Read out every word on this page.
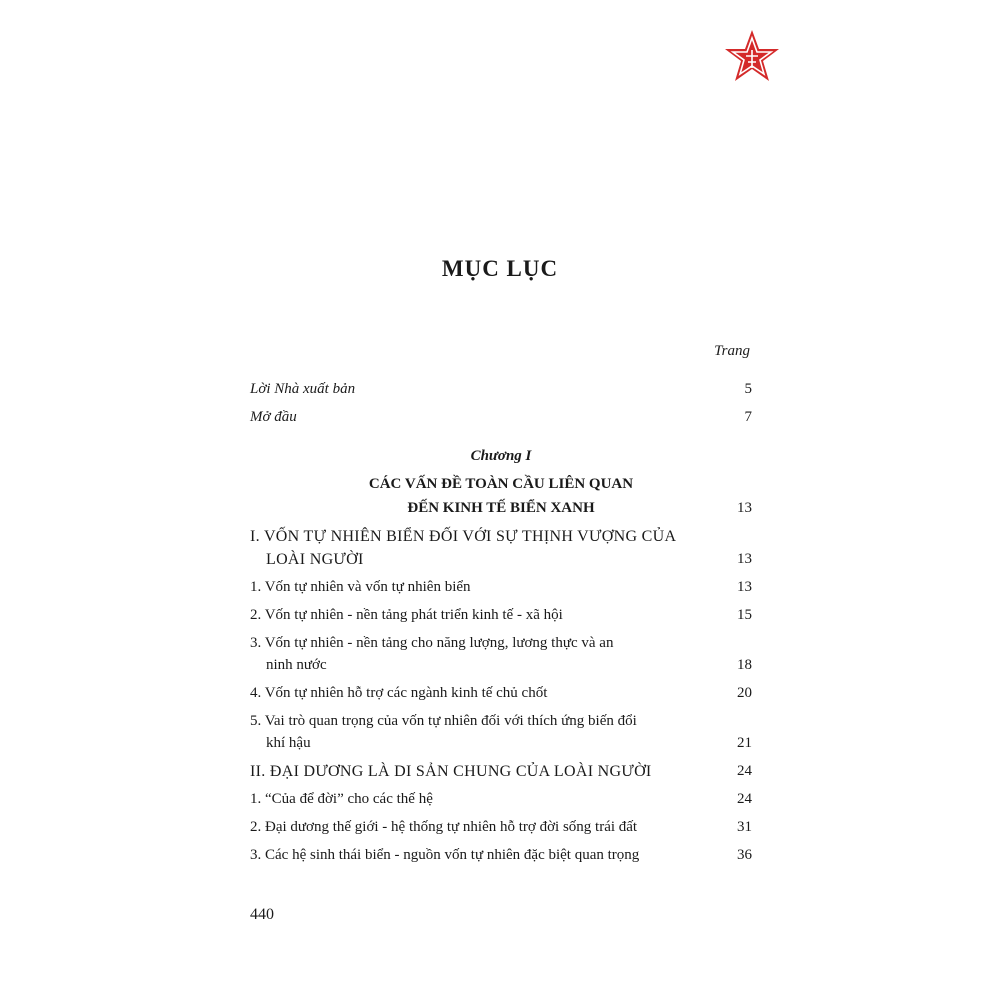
MỤC LỤC
Trang
Lời Nhà xuất bản	5
Mở đầu	7
Chương I
CÁC VẤN ĐỀ TOÀN CẦU LIÊN QUAN
ĐẾN KINH TẾ BIỂN XANH	13
I. VỐN TỰ NHIÊN BIỂN ĐỐI VỚI SỰ THỊNH VƯỢNG CỦA
LOÀI NGƯỜI	13
1. Vốn tự nhiên và vốn tự nhiên biển	13
2. Vốn tự nhiên - nền tảng phát triển kinh tế - xã hội	15
3. Vốn tự nhiên - nền tảng cho năng lượng, lương thực và an
ninh nước	18
4. Vốn tự nhiên hỗ trợ các ngành kinh tế chủ chốt	20
5. Vai trò quan trọng của vốn tự nhiên đối với thích ứng biến đổi
khí hậu	21
II. ĐẠI DƯƠNG LÀ DI SẢN CHUNG CỦA LOÀI NGƯỜI	24
1. “Của để đời” cho các thế hệ	24
2. Đại dương thế giới - hệ thống tự nhiên hỗ trợ đời sống trái đất	31
3. Các hệ sinh thái biển - nguồn vốn tự nhiên đặc biệt quan trọng	36
440
